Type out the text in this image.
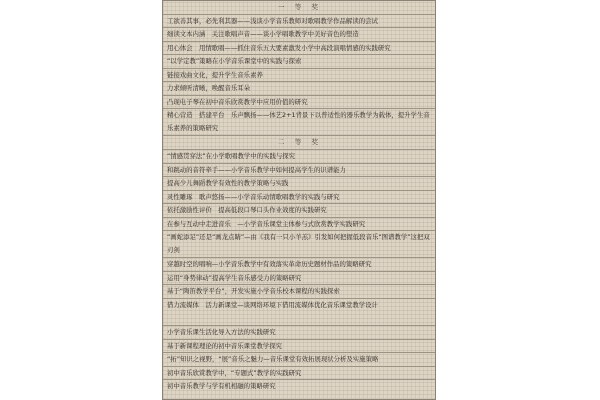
一　等　奖
工欲善其事，必先利其器——浅谈小学音乐教师对歌唱教学作品解读的尝试
细读文本内涵　关注歌唱声音——谈小学唱歌教学中美好音色的塑造
用心体会　用情歌唱——抓住音乐五大要素激发小学中高段演唱情感的实践研究
“以学定教”策略在小学音乐课堂中的实践与探索
链接戏曲文化，提升学生音乐素养
力求倾听清晰，唤醒音乐耳朵
凸现电子琴在初中音乐欣赏教学中应用价值的研究
精心营造　搭建平台　乐声飘扬——体艺2+1背景下以普适性的器乐教学为载体，提升学生音乐素养的策略研究
二　等　奖
“情感贯穿法”在小学歌唱教学中的实践与探究
和跳动的音符牵手——小学音乐教学中如何提高学生的识谱能力
提高少儿舞蹈教学有效性的教学策略与实践
灵性雕琢　歌声悠扬——小学音乐动情歌唱教学的实践与研究
依托激励性评价　提高低段口琴口头作业效度的实践研究
在参与互动中走进音乐　—小学音乐课堂主体参与式欣赏教学实践研究
“画蛇添足”还是“画龙点睛”—由《我有一只小羊羔》引发如何把握低段音乐“图谱教学”这把双刃剑
穿越时空的唱响—小学音乐教学中有效落实革命历史题材作品的策略研究
运用“身势律动”提高学生音乐感受力的策略研究
基于“陶笛教学平台”，开发实施小学音乐校本课程的实践探索
借力流媒体　活力新课堂—谈网络环境下借用流媒体优化音乐课堂教学设计
小学音乐课生活化导入方法的实践研究
基于新课程理论的初中音乐课堂教学探究
“拓”知识之视野，“展”音乐之魅力—音乐课堂有效拓展现状分析及实施策略
初中音乐欣赏教学中，“专题式”教学的实践研究
初中音乐教学与学有机相融的策略研究
